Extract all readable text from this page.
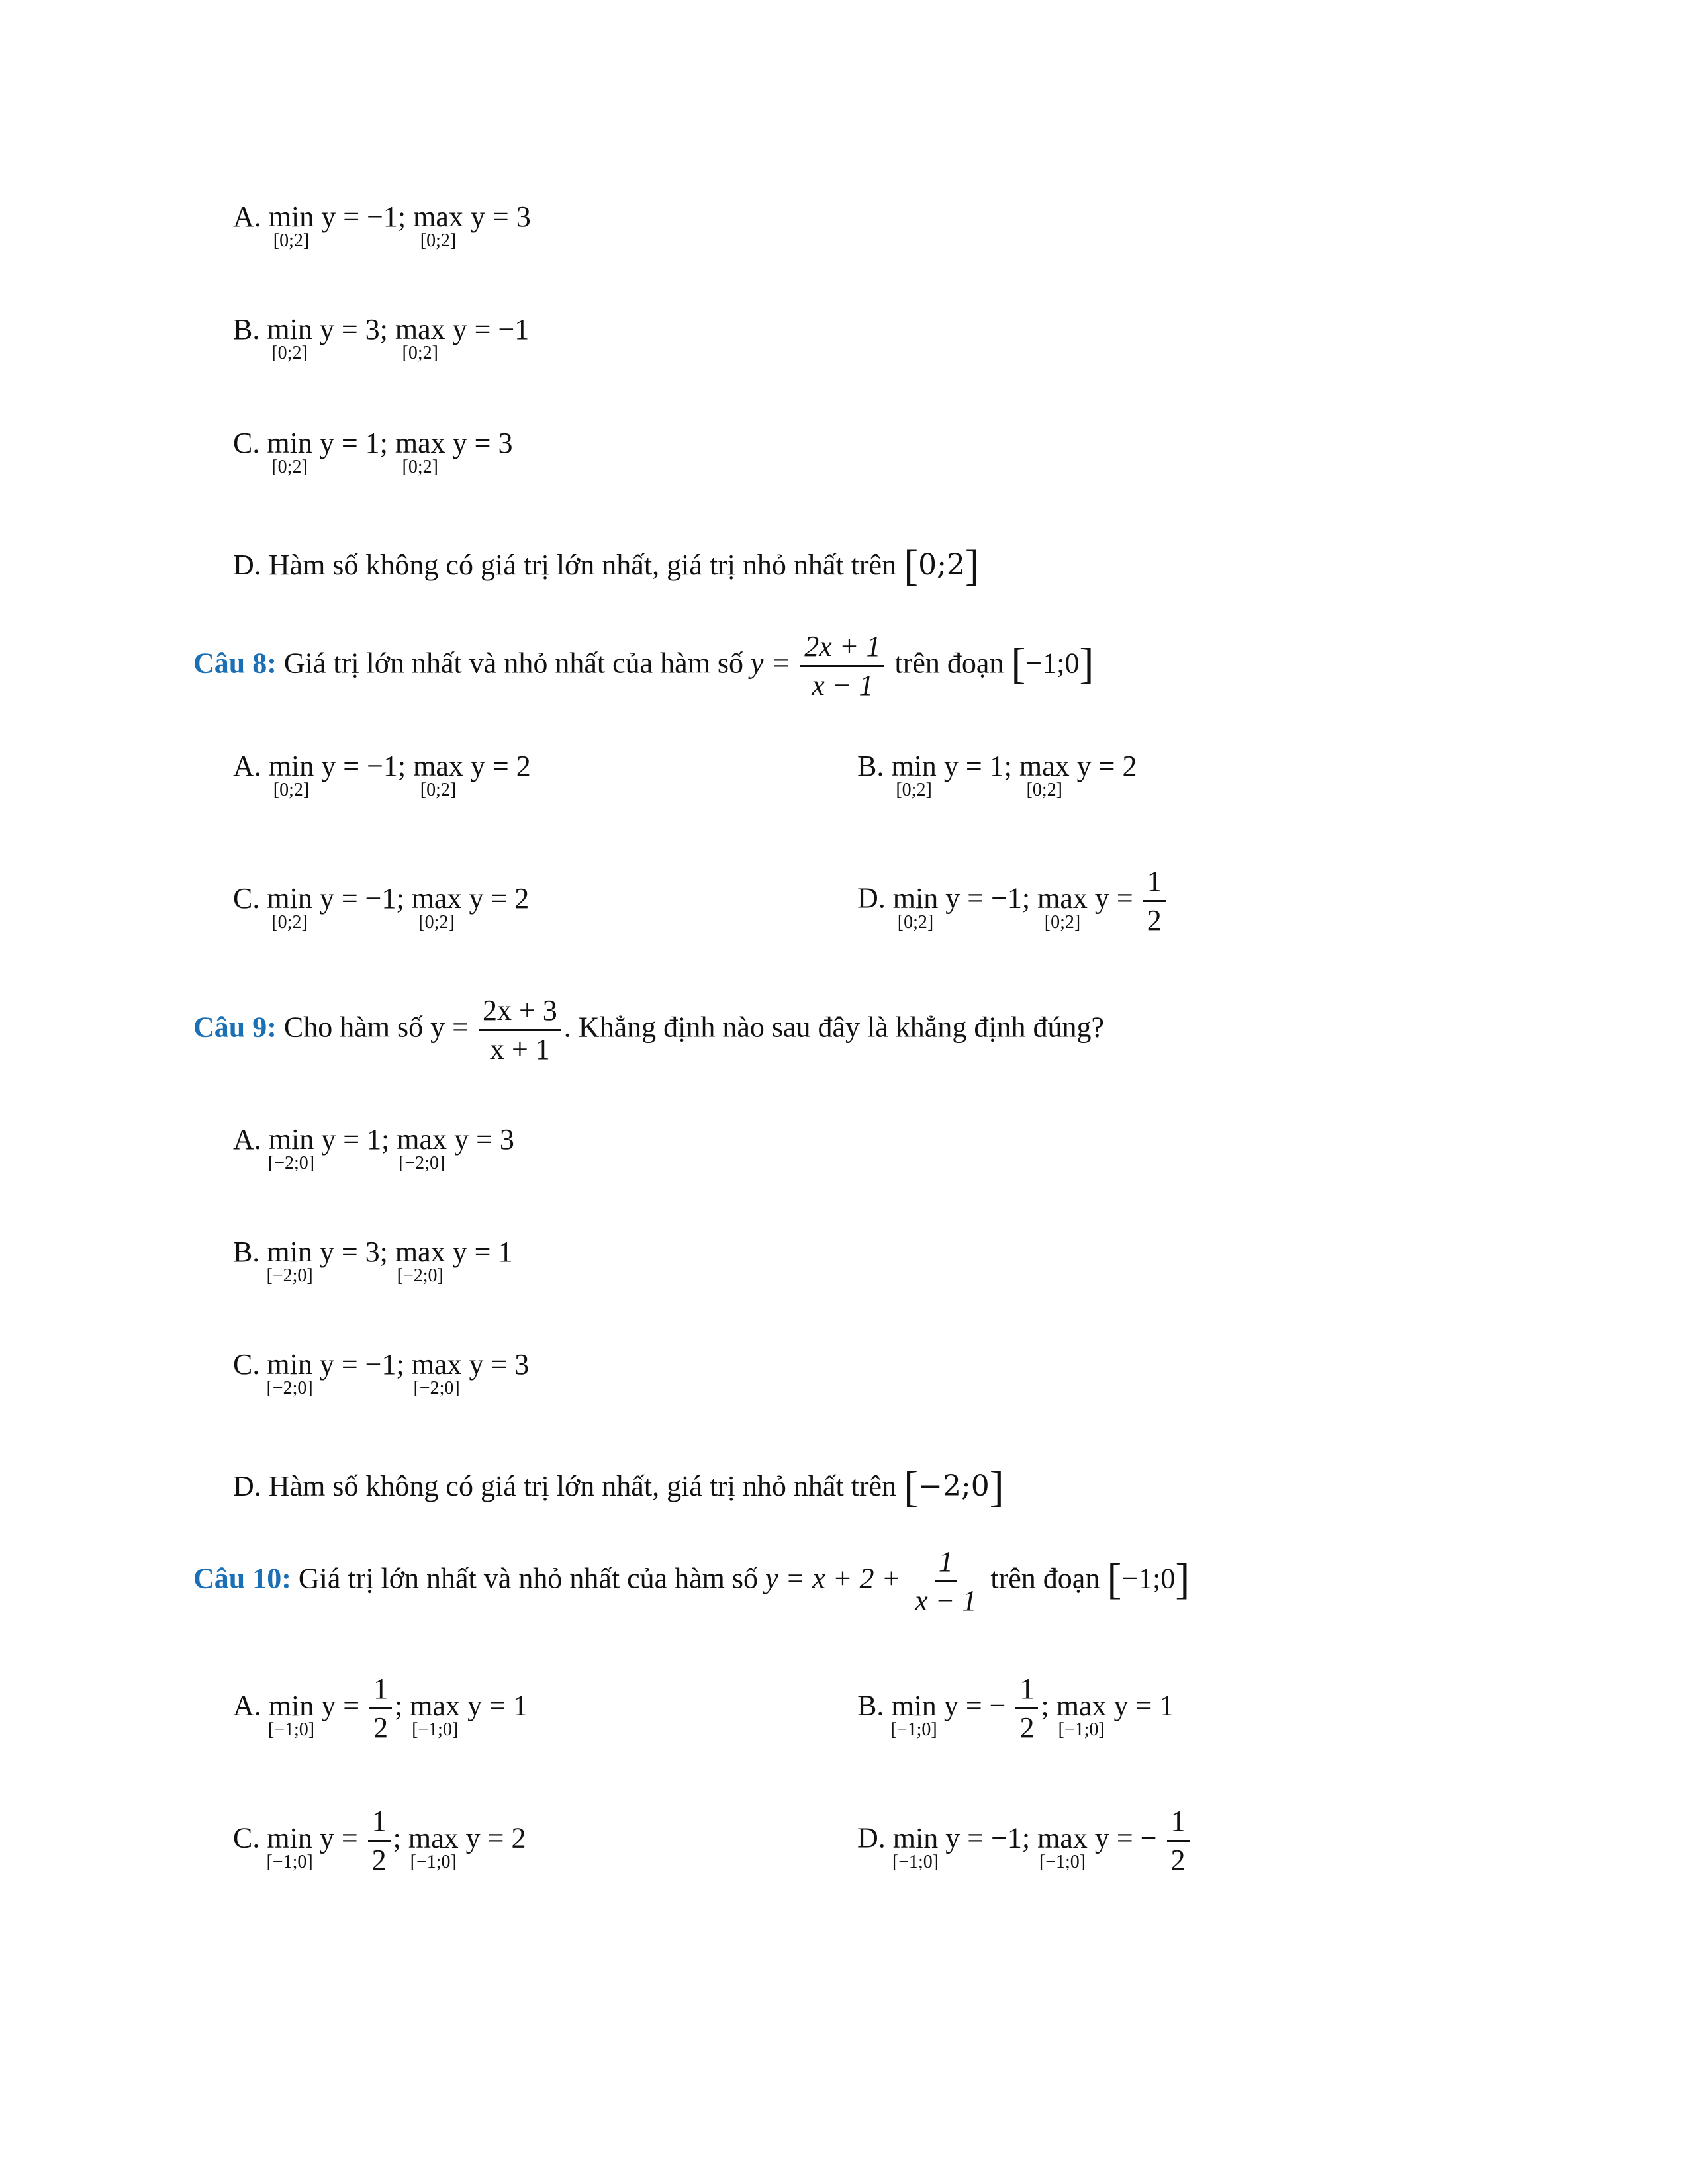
A. min
[0;2]
y = −1; max
[0;2]
y = 3
B. min
[0;2]
y = 3; max
[0;2]
y = −1
C. min
[0;2]
y = 1; max
[0;2]
y = 3
D. Hàm số không có giá trị lớn nhất, giá trị nhỏ nhất trên [0;2]
Câu 8: Giá trị lớn nhất và nhỏ nhất của hàm số $y = \frac{2x + 1}{x - 1}$ trên đoạn [−1;0]
A. min
[0;2]
y = −1; max
[0;2]
y = 2	B. min
[0;2]
y = 1; max
[0;2]
y = 2
C. min
[0;2]
y = −1; max
[0;2]
y = 2	D. min
[0;2]
y = −1; max
[0;2]
$y = \frac{1}{2}$
Câu 9: Cho hàm số $y = \frac{2x + 3}{x + 1}$ . Khẳng định nào sau đây là khẳng định đúng?
A. min
[−2;0]
y = 1; max
[−2;0]
y = 3
B. min
[−2;0]
y = 3; max
[−2;0]
y = 1
C. min
[−2;0]
y = −1; max
[−2;0]
y = 3
D. Hàm số không có giá trị lớn nhất, giá trị nhỏ nhất trên [−2;0]
Câu 10: Giá trị lớn nhất và nhỏ nhất của hàm số $y = x + 2 + \frac{1}{x - 1}$ trên đoạn [−1;0]
A. min
[−1;0]
$y = \frac{1}{2}$ ; max
[−1;0]
y = 1	B. min
[−1;0]
y = − $\frac{1}{2}$ ; max
[−1;0]
y = 1
C. min
[−1;0]
$y = \frac{1}{2}$ ; max
[−1;0]
y = 2	D. min
[−1;0]
y = −1; max
[−1;0]
y = − $\frac{1}{2}$
